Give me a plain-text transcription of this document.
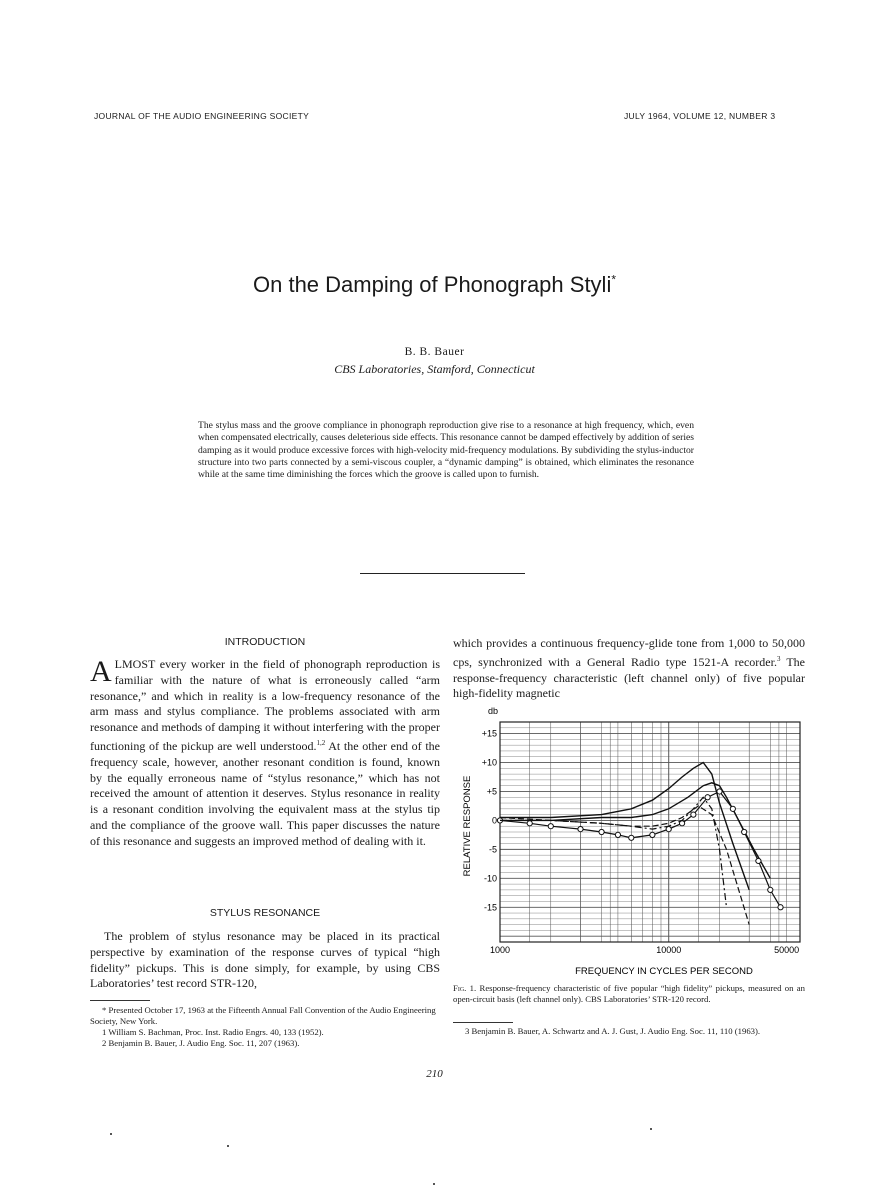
JOURNAL OF THE AUDIO ENGINEERING SOCIETY	JULY 1964, VOLUME 12, NUMBER 3
On the Damping of Phonograph Styli*
B. B. Bauer
CBS Laboratories, Stamford, Connecticut
The stylus mass and the groove compliance in phonograph reproduction give rise to a resonance at high frequency, which, even when compensated electrically, causes deleterious side effects. This resonance cannot be damped effectively by addition of series damping as it would produce excessive forces with high-velocity mid-frequency modulations. By subdividing the stylus-inductor structure into two parts connected by a semi-viscous coupler, a “dynamic damping” is obtained, which eliminates the resonance while at the same time diminishing the forces which the groove is called upon to furnish.
INTRODUCTION

ALMOST every worker in the field of phonograph reproduction is familiar with the nature of what is erroneously called “arm resonance,” and which in reality is a low-frequency resonance of the arm mass and stylus compliance. The problems associated with arm resonance and methods of damping it without interfering with the proper functioning of the pickup are well understood.$^{1,2}$ At the other end of the frequency scale, however, another resonant condition is found, known by the equally erroneous name of “stylus resonance,” which has not received the amount of attention it deserves. Stylus resonance in reality is a resonant condition involving the equivalent mass at the stylus tip and the compliance of the groove wall. This paper discusses the nature of this resonance and suggests an improved method of dealing with it.

STYLUS RESONANCE

The problem of stylus resonance may be placed in its practical perspective by examination of the response curves of typical “high fidelity” pickups. This is done simply, for example, by using CBS Laboratories’ test record STR-120,

* Presented October 17, 1963 at the Fifteenth Annual Fall Convention of the Audio Engineering Society, New York.
1 William S. Bachman, Proc. Inst. Radio Engrs. 40, 133 (1952).
2 Benjamin B. Bauer, J. Audio Eng. Soc. 11, 207 (1963).

which provides a continuous frequency-glide tone from 1,000 to 50,000 cps, synchronized with a General Radio type 1521-A recorder.$^3$ The response-frequency characteristic (left channel only) of five popular high-fidelity magnetic

+15
+10
+5
0
-5
-10
-15
1000	10000	50000
db
RELATIVE RESPONSE
FREQUENCY IN CYCLES PER SECOND
Fig. 1. Response-frequency characteristic of five popular “high fidelity” pickups, measured on an open-circuit basis (left channel only). CBS Laboratories’ STR-120 record.
3 Benjamin B. Bauer, A. Schwartz and A. J. Gust, J. Audio Eng. Soc. 11, 110 (1963).
210
